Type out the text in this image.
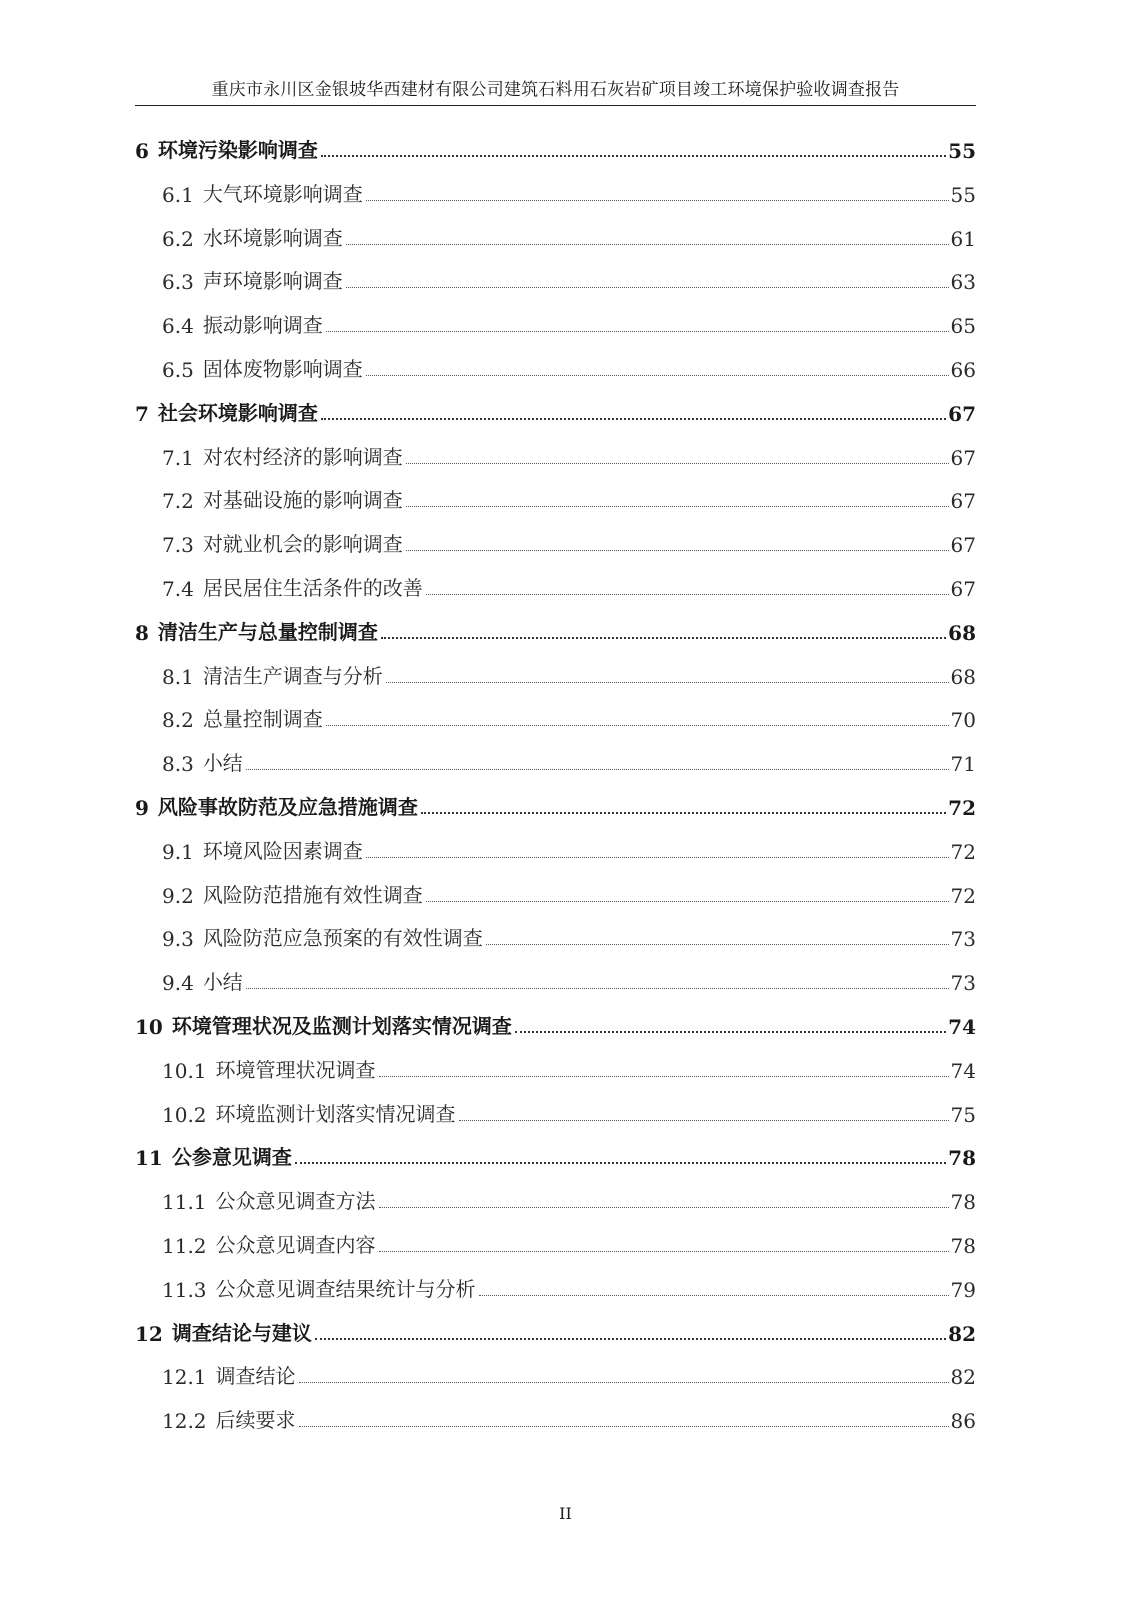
重庆市永川区金银坡华西建材有限公司建筑石料用石灰岩矿项目竣工环境保护验收调查报告
6 环境污染影响调查	55
6.1 大气环境影响调查	55
6.2 水环境影响调查	61
6.3 声环境影响调查	63
6.4 振动影响调查	65
6.5 固体废物影响调查	66
7 社会环境影响调查	67
7.1 对农村经济的影响调查	67
7.2 对基础设施的影响调查	67
7.3 对就业机会的影响调查	67
7.4 居民居住生活条件的改善	67
8 清洁生产与总量控制调查	68
8.1 清洁生产调查与分析	68
8.2 总量控制调查	70
8.3 小结	71
9 风险事故防范及应急措施调查	72
9.1 环境风险因素调查	72
9.2 风险防范措施有效性调查	72
9.3 风险防范应急预案的有效性调查	73
9.4 小结	73
10 环境管理状况及监测计划落实情况调查	74
10.1 环境管理状况调查	74
10.2 环境监测计划落实情况调查	75
11 公参意见调查	78
11.1 公众意见调查方法	78
11.2 公众意见调查内容	78
11.3 公众意见调查结果统计与分析	79
12 调查结论与建议	82
12.1 调查结论	82
12.2 后续要求	86
II
